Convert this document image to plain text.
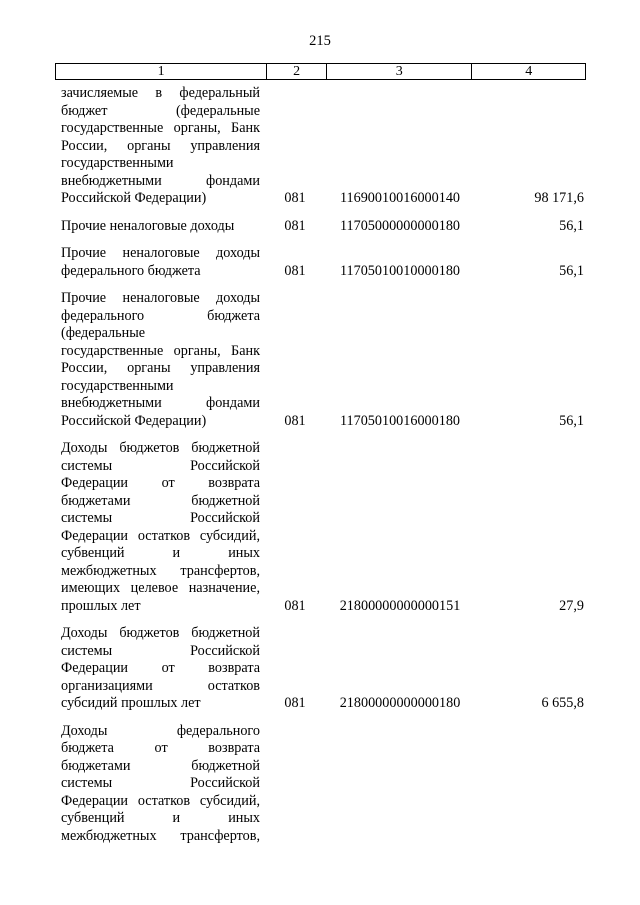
215
1	2	3	4
зачисляемые в федеральный
бюджет (федеральные
государственные органы, Банк
России, органы управления
государственными
внебюджетными фондами
Российской Федерации)	081	11690010016000140	98 171,6
Прочие неналоговые доходы	081	11705000000000180	56,1
Прочие неналоговые доходы
федерального бюджета	081	11705010010000180	56,1
Прочие неналоговые доходы
федерального бюджета
(федеральные
государственные органы, Банк
России, органы управления
государственными
внебюджетными фондами
Российской Федерации)	081	11705010016000180	56,1
Доходы бюджетов бюджетной
системы Российской
Федерации от возврата
бюджетами бюджетной
системы Российской
Федерации остатков субсидий,
субвенций и иных
межбюджетных трансфертов,
имеющих целевое назначение,
прошлых лет	081	21800000000000151	27,9
Доходы бюджетов бюджетной
системы Российской
Федерации от возврата
организациями остатков
субсидий прошлых лет	081	21800000000000180	6 655,8
Доходы федерального
бюджета от возврата
бюджетами бюджетной
системы Российской
Федерации остатков субсидий,
субвенций и иных
межбюджетных трансфертов,
